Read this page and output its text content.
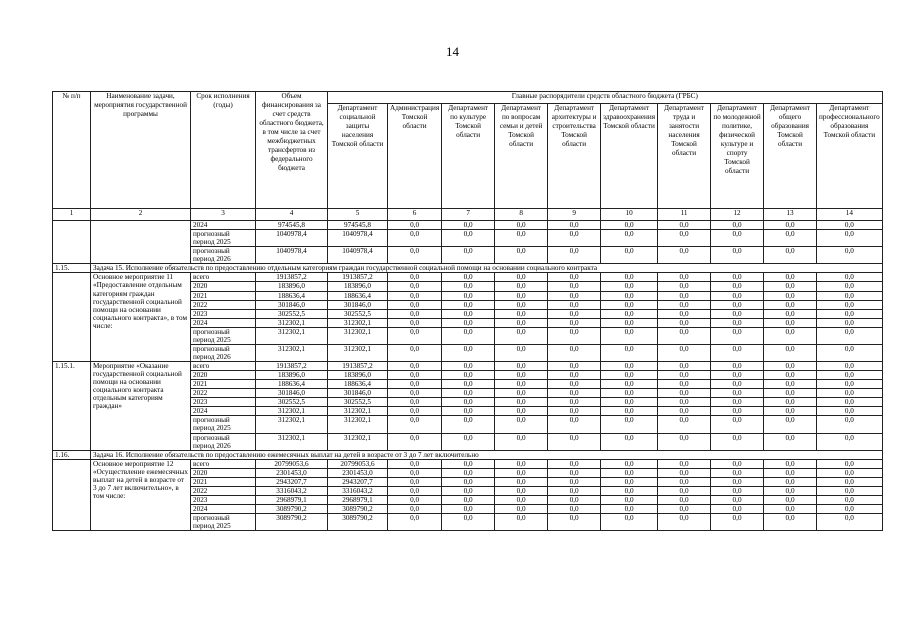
14
№ п/п	Наименование задачи, мероприятия государственной программы	Срок исполнения (годы)	Объем финансирования за счет средств областного бюджета, в том числе за счет межбюджетных трансфертов из федерального бюджета	Главные распорядители средств областного бюджета (ГРБС)									
				Департамент социальной защиты населения Томской области	Администрация Томской области	Департамент по культуре Томской области	Департамент по вопросам семьи и детей Томской области	Департамент архитектуры и строительства Томской области	Департамент здравоохранения Томской области	Департамент труда и занятости населения Томской области	Департамент по молодежной политике, физической культуре и спорту Томской области	Департамент общего образования Томской области	Департамент профессионального образования Томской области
1	2	3	4	5	6	7	8	9	10	11	12	13	14
		2024	974545,8	974545,8	0,0	0,0	0,0	0,0	0,0	0,0	0,0	0,0	0,0
		прогнозный период 2025	1040978,4	1040978,4	0,0	0,0	0,0	0,0	0,0	0,0	0,0	0,0	0,0
		прогнозный период 2026	1040978,4	1040978,4	0,0	0,0	0,0	0,0	0,0	0,0	0,0	0,0	0,0
1.15.	Задача 15. Исполнение обязательств по предоставлению отдельным категориям граждан государственной социальной помощи на основании социального контракта												
	Основное мероприятие 11 «Предоставление отдельным категориям граждан государственной социальной помощи на основании социального контракта», в том числе:	всего	1913857,2	1913857,2	0,0	0,0	0,0	0,0	0,0	0,0	0,0	0,0	0,0
		2020	183896,0	183896,0	0,0	0,0	0,0	0,0	0,0	0,0	0,0	0,0	0,0
		2021	188636,4	188636,4	0,0	0,0	0,0	0,0	0,0	0,0	0,0	0,0	0,0
		2022	301846,0	301846,0	0,0	0,0	0,0	0,0	0,0	0,0	0,0	0,0	0,0
		2023	302552,5	302552,5	0,0	0,0	0,0	0,0	0,0	0,0	0,0	0,0	0,0
		2024	312302,1	312302,1	0,0	0,0	0,0	0,0	0,0	0,0	0,0	0,0	0,0
		прогнозный период 2025	312302,1	312302,1	0,0	0,0	0,0	0,0	0,0	0,0	0,0	0,0	0,0
		прогнозный период 2026	312302,1	312302,1	0,0	0,0	0,0	0,0	0,0	0,0	0,0	0,0	0,0
1.15.1.	Мероприятие «Оказание государственной социальной помощи на основании социального контракта отдельным категориям граждан»	всего	1913857,2	1913857,2	0,0	0,0	0,0	0,0	0,0	0,0	0,0	0,0	0,0
		2020	183896,0	183896,0	0,0	0,0	0,0	0,0	0,0	0,0	0,0	0,0	0,0
		2021	188636,4	188636,4	0,0	0,0	0,0	0,0	0,0	0,0	0,0	0,0	0,0
		2022	301846,0	301846,0	0,0	0,0	0,0	0,0	0,0	0,0	0,0	0,0	0,0
		2023	302552,5	302552,5	0,0	0,0	0,0	0,0	0,0	0,0	0,0	0,0	0,0
		2024	312302,1	312302,1	0,0	0,0	0,0	0,0	0,0	0,0	0,0	0,0	0,0
		прогнозный период 2025	312302,1	312302,1	0,0	0,0	0,0	0,0	0,0	0,0	0,0	0,0	0,0
		прогнозный период 2026	312302,1	312302,1	0,0	0,0	0,0	0,0	0,0	0,0	0,0	0,0	0,0
1.16.	Задача 16. Исполнение обязательств по предоставлению ежемесячных выплат на детей в возрасте от 3 до 7 лет включительно												
	Основное мероприятие 12 «Осуществление ежемесячных выплат на детей в возрасте от 3 до 7 лет включительно», в том числе:	всего	20799053,6	20799053,6	0,0	0,0	0,0	0,0	0,0	0,0	0,0	0,0	0,0
		2020	2301453,0	2301453,0	0,0	0,0	0,0	0,0	0,0	0,0	0,0	0,0	0,0
		2021	2943207,7	2943207,7	0,0	0,0	0,0	0,0	0,0	0,0	0,0	0,0	0,0
		2022	3316043,2	3316043,2	0,0	0,0	0,0	0,0	0,0	0,0	0,0	0,0	0,0
		2023	2968979,1	2968979,1	0,0	0,0	0,0	0,0	0,0	0,0	0,0	0,0	0,0
		2024	3089790,2	3089790,2	0,0	0,0	0,0	0,0	0,0	0,0	0,0	0,0	0,0
		прогнозный период 2025	3089790,2	3089790,2	0,0	0,0	0,0	0,0	0,0	0,0	0,0	0,0	0,0
